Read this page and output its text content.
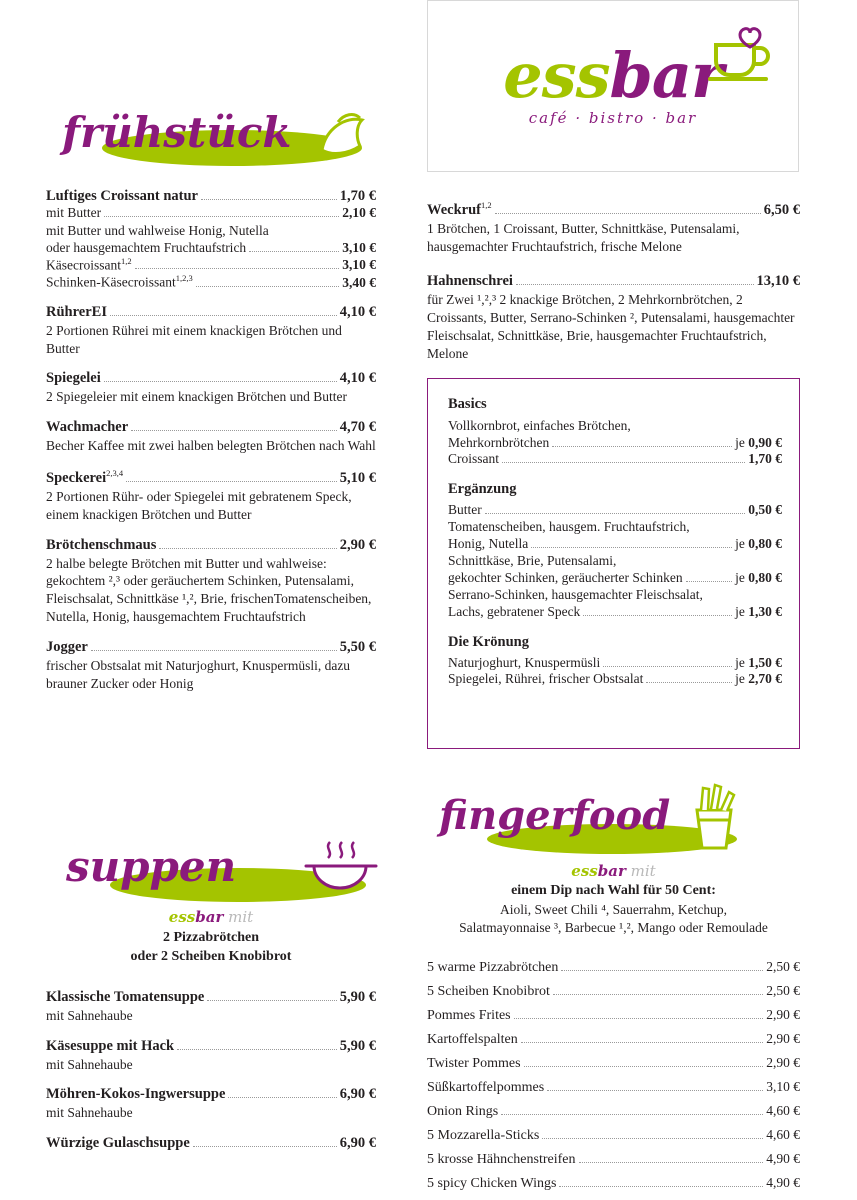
essbar
café · bistro · bar
frühstück
Luftiges Croissant natur	1,70 €
mit Butter	2,10 €
mit Butter und wahlweise Honig, Nutella
oder hausgemachtem Fruchtaufstrich	3,10 €
Käsecroissant$^{1,2}$	3,10 €
Schinken-Käsecroissant$^{1,2,3}$	3,40 €
RührerEI	4,10 €
2 Portionen Rührei mit einem knackigen Brötchen und Butter
Spiegelei	4,10 €
2 Spiegeleier mit einem knackigen Brötchen und Butter
Wachmacher	4,70 €
Becher Kaffee mit zwei halben belegten Brötchen nach Wahl
Speckerei$^{2,3,4}$	5,10 €
2 Portionen Rühr- oder Spiegelei mit gebratenem Speck, einem knackigen Brötchen und Butter
Brötchenschmaus	2,90 €
2 halbe belegte Brötchen mit Butter und wahlweise: gekochtem ²,³ oder geräuchertem Schinken, Putensalami, Fleischsalat, Schnittkäse ¹,², Brie, frischenTomatenscheiben, Nutella, Honig, hausgemachtem Fruchtaufstrich
Jogger	5,50 €
frischer Obstsalat mit Naturjoghurt, Knuspermüsli, dazu brauner Zucker oder Honig
Weckruf$^{1,2}$	6,50 €
1 Brötchen, 1 Croissant, Butter, Schnittkäse, Putensalami, hausgemachter Fruchtaufstrich, frische Melone
Hahnenschrei	13,10 €
für Zwei ¹,²,³ 2 knackige Brötchen, 2 Mehrkornbrötchen, 2 Croissants, Butter, Serrano-Schinken ², Putensalami, hausgemachter Fleischsalat, Schnittkäse, Brie, hausgemachter Fruchtaufstrich, Melone
Basics
Vollkornbrot, einfaches Brötchen,
Mehrkornbrötchen	je 0,90 €
Croissant	1,70 €
Ergänzung
Butter	0,50 €
Tomatenscheiben, hausgem. Fruchtaufstrich,
Honig, Nutella	je 0,80 €
Schnittkäse, Brie, Putensalami,
gekochter Schinken, geräucherter Schinken	je 0,80 €
Serrano-Schinken, hausgemachter Fleischsalat,
Lachs, gebratener Speck	je 1,30 €
Die Krönung
Naturjoghurt, Knuspermüsli	je 1,50 €
Spiegelei, Rührei, frischer Obstsalat	je 2,70 €
suppen
essbar mit
2 Pizzabrötchen
oder 2 Scheiben Knobibrot
Klassische Tomatensuppe	5,90 €
mit Sahnehaube
Käsesuppe mit Hack	5,90 €
mit Sahnehaube
Möhren-Kokos-Ingwersuppe	6,90 €
mit Sahnehaube
Würzige Gulaschsuppe	6,90 €
fingerfood
essbar mit
einem Dip nach Wahl für 50 Cent:
Aioli, Sweet Chili ⁴, Sauerrahm, Ketchup,
Salatmayonnaise ³, Barbecue ¹,², Mango oder Remoulade
5 warme Pizzabrötchen	2,50 €
5 Scheiben Knobibrot	2,50 €
Pommes Frites	2,90 €
Kartoffelspalten	2,90 €
Twister Pommes	2,90 €
Süßkartoffelpommes	3,10 €
Onion Rings	4,60 €
5 Mozzarella-Sticks	4,60 €
5 krosse Hähnchenstreifen	4,90 €
5 spicy Chicken Wings	4,90 €
